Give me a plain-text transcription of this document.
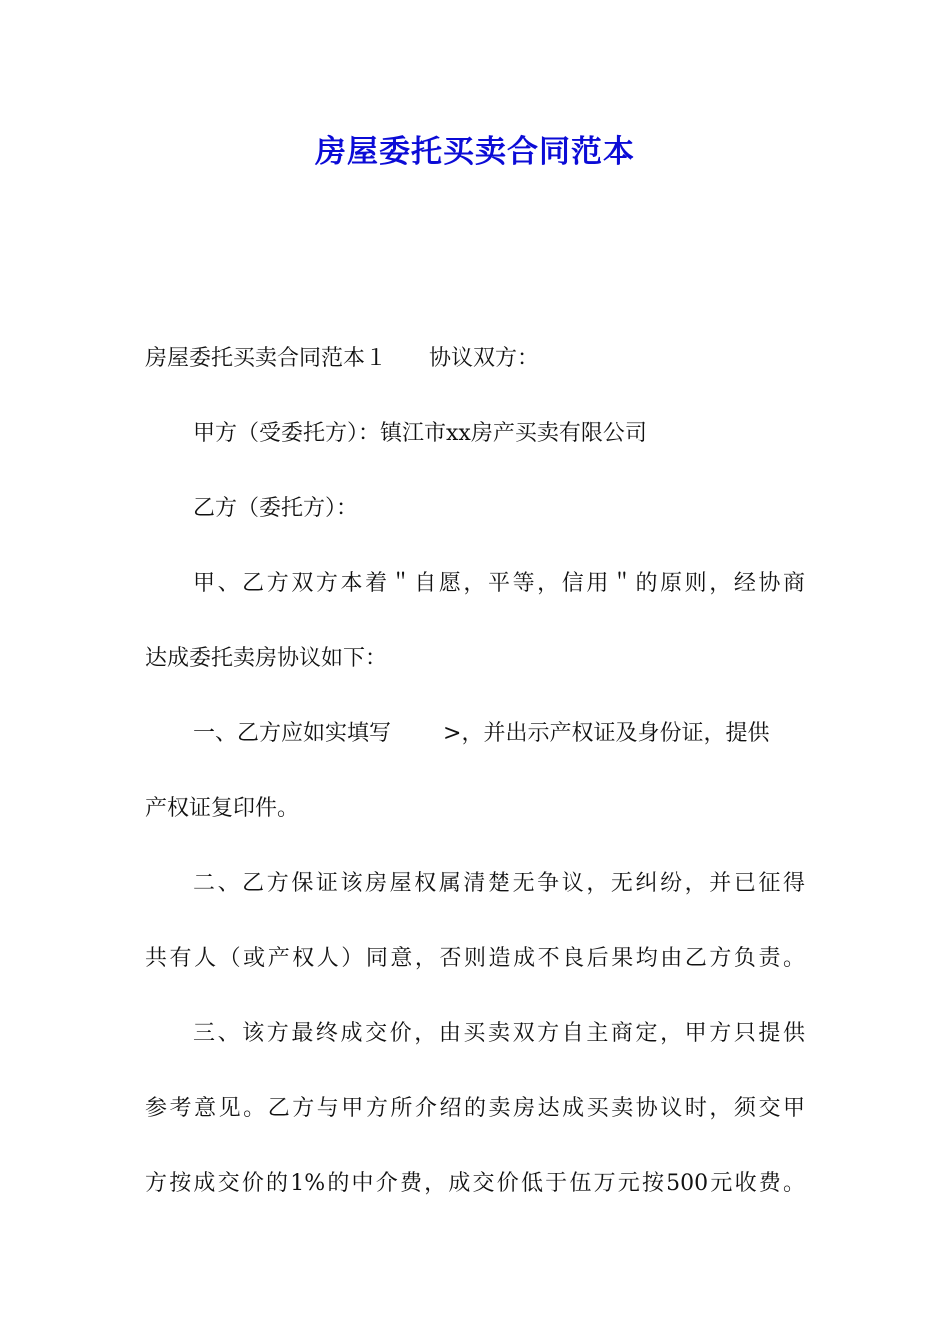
房屋委托买卖合同范本

房屋委托买卖合同范本１ 协议双方：

甲方（受委托方）：镇江市xx房产买卖有限公司

乙方（委托方）：

甲、乙方双方本着＂自愿，平等，信用＂的原则，经协商

达成委托卖房协议如下：

一、乙方应如实填写 >，并出示产权证及身份证，提供

产权证复印件。

二、乙方保证该房屋权属清楚无争议，无纠纷，并已征得

共有人（或产权人）同意，否则造成不良后果均由乙方负责。

三、该方最终成交价，由买卖双方自主商定，甲方只提供

参考意见。乙方与甲方所介绍的卖房达成买卖协议时，须交甲

方按成交价的1%的中介费，成交价低于伍万元按500元收费。
